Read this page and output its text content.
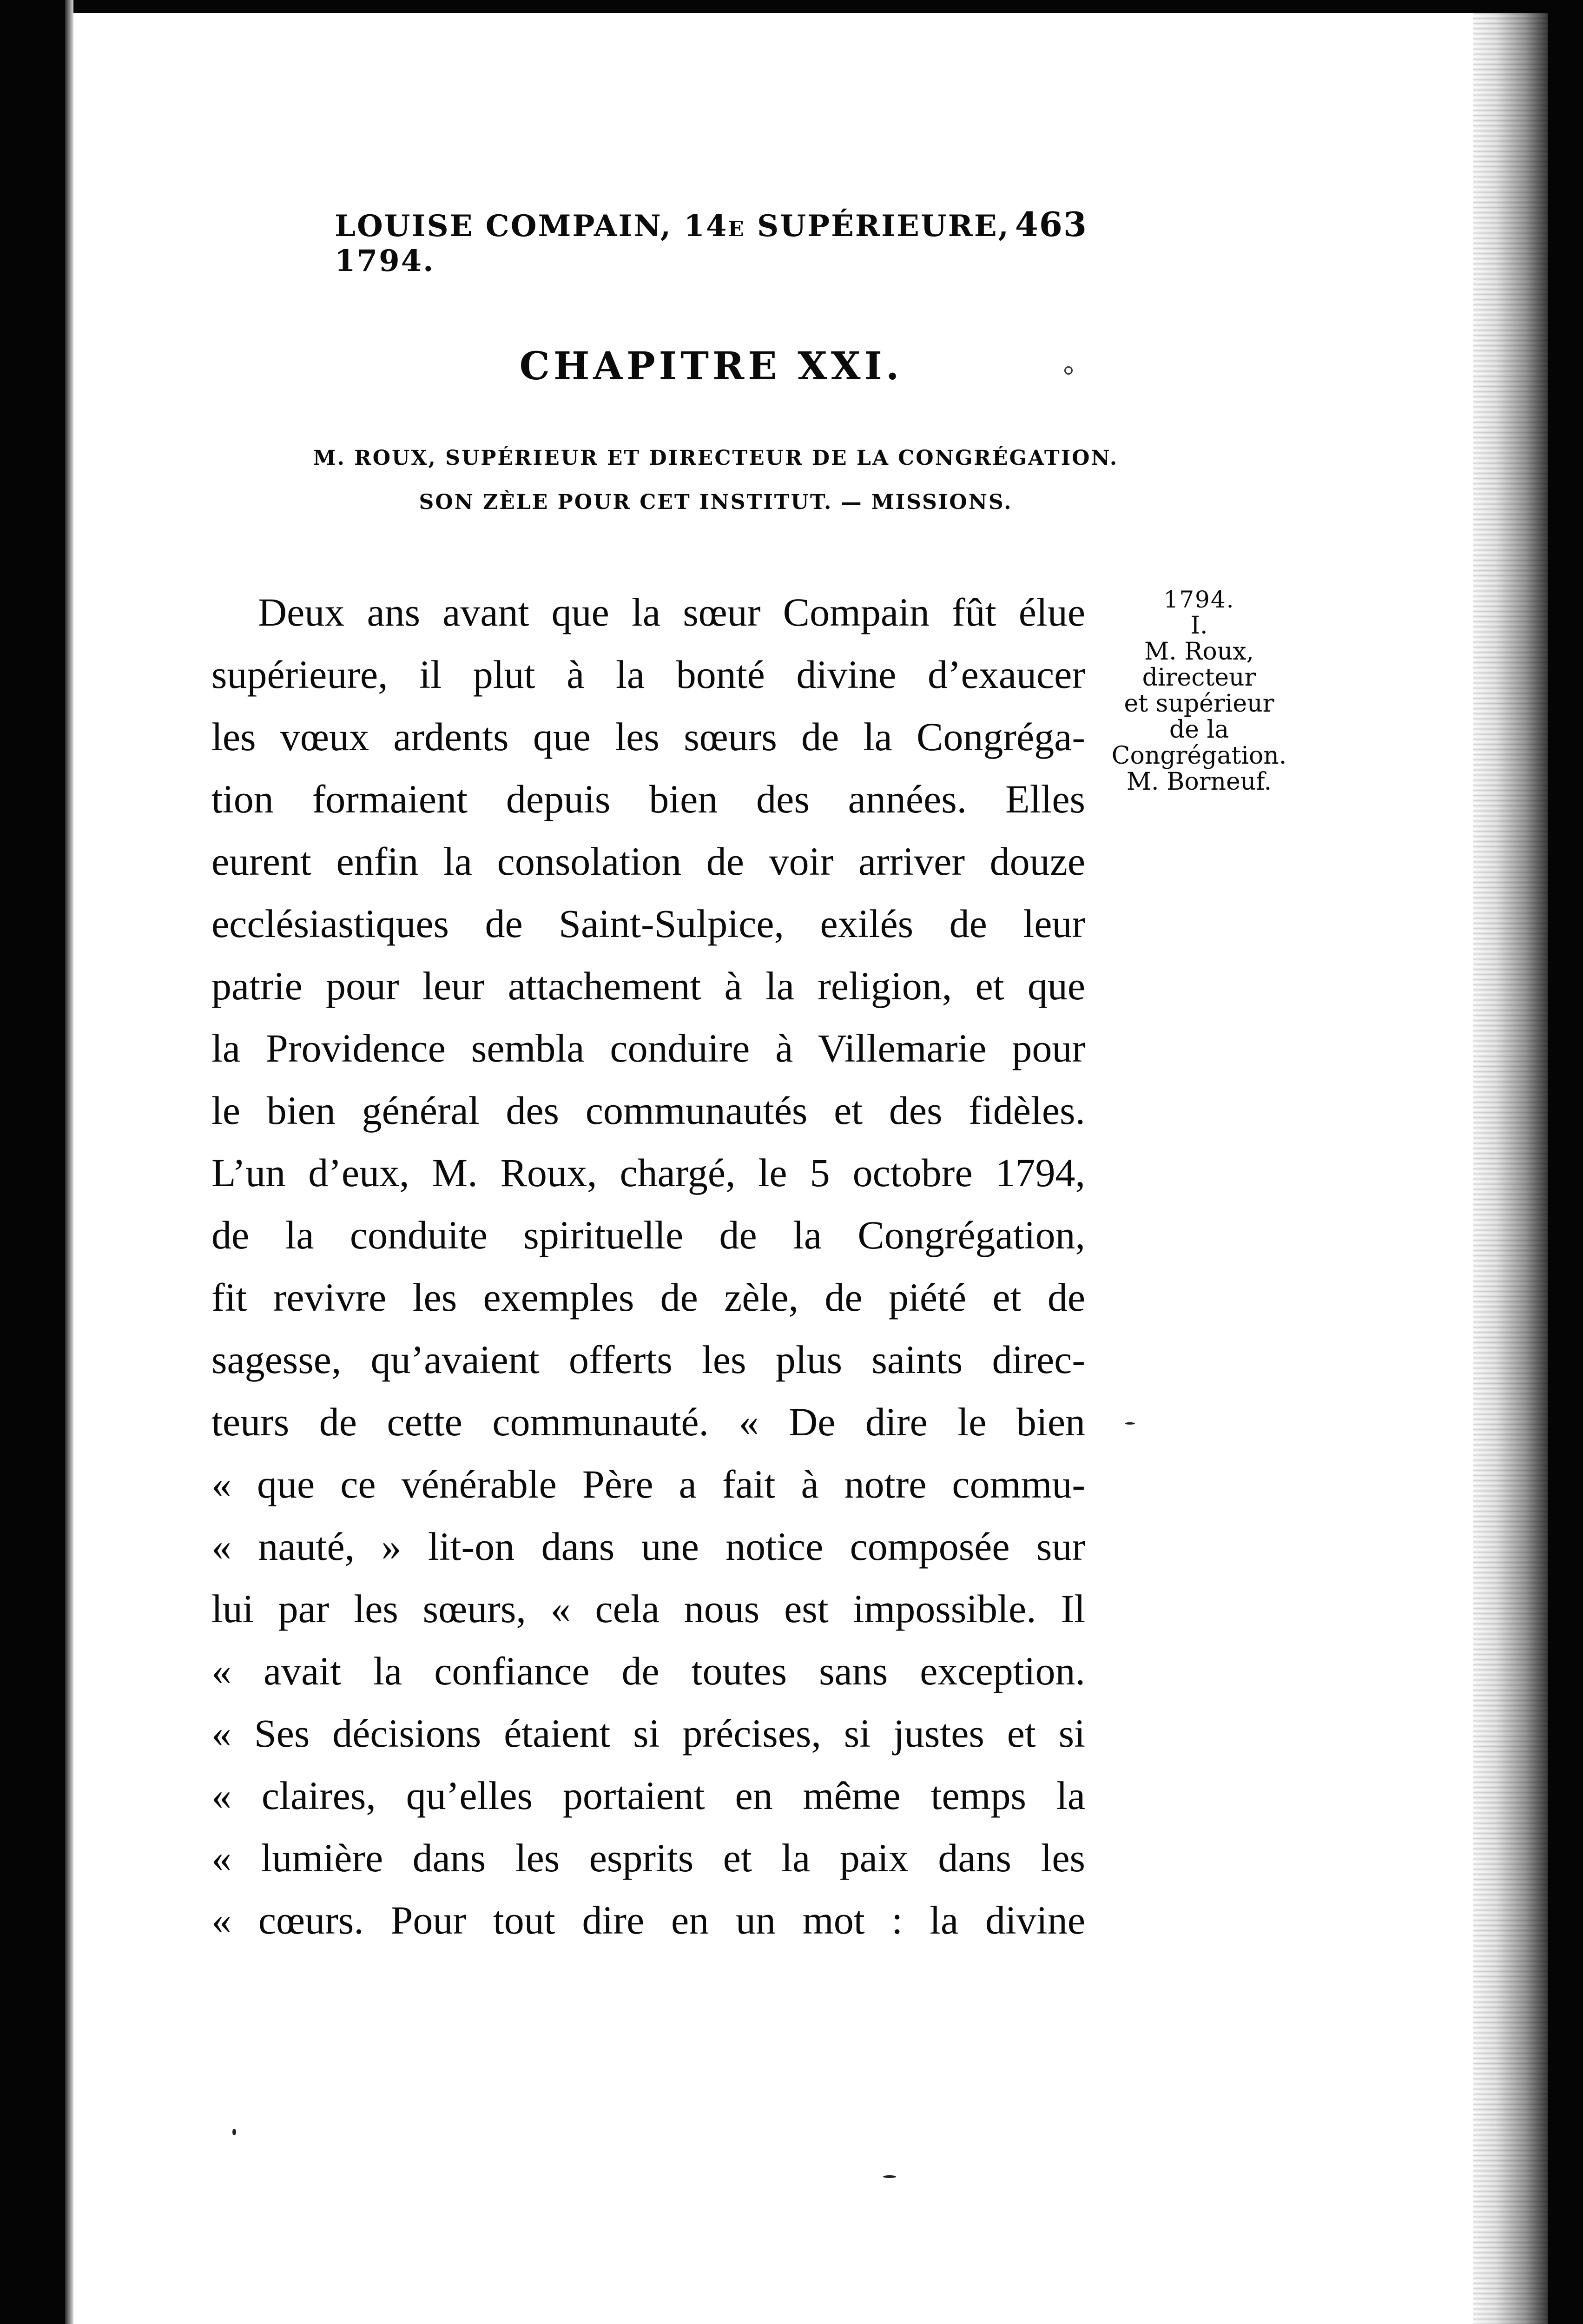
LOUISE COMPAIN, 14e SUPÉRIEURE, 1794.
463
CHAPITRE XXI.
M. ROUX, SUPÉRIEUR ET DIRECTEUR DE LA CONGRÉGATION.
SON ZÈLE POUR CET INSTITUT. — MISSIONS.
Deux ans avant que la sœur Compain fût élue
supérieure, il plut à la bonté divine d’exaucer
les vœux ardents que les sœurs de la Congréga-
tion formaient depuis bien des années. Elles
eurent enfin la consolation de voir arriver douze
ecclésiastiques de Saint-Sulpice, exilés de leur
patrie pour leur attachement à la religion, et que
la Providence sembla conduire à Villemarie pour
le bien général des communautés et des fidèles.
L’un d’eux, M. Roux, chargé, le 5 octobre 1794,
de la conduite spirituelle de la Congrégation,
fit revivre les exemples de zèle, de piété et de
sagesse, qu’avaient offerts les plus saints direc-
teurs de cette communauté. « De dire le bien
« que ce vénérable Père a fait à notre commu-
« nauté, » lit-on dans une notice composée sur
lui par les sœurs, « cela nous est impossible. Il
« avait la confiance de toutes sans exception.
« Ses décisions étaient si précises, si justes et si
« claires, qu’elles portaient en même temps la
« lumière dans les esprits et la paix dans les
« cœurs. Pour tout dire en un mot : la divine
1794.
I.
M. Roux,
directeur
et supérieur
de la
Congrégation.
M. Borneuf.
